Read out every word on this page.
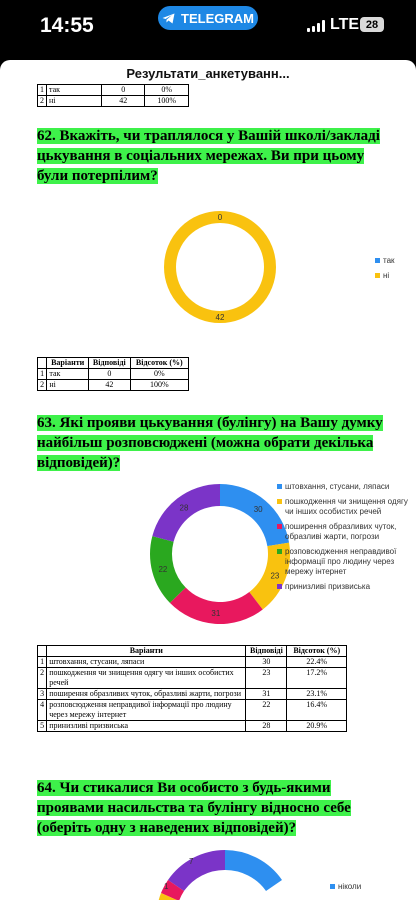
14:55	TELEGRAM	LTE 28
1	так	0	0%
2	ні	42	100%
62. Вкажіть, чи траплялося у Вашій школі/закладі цькування в соціальних мережах. Ви при цьому були потерпілим?
0
42
так
ні
	Варіанти	Відповіді	Відсоток (%)
1	так	0	0%
2	ні	42	100%
63. Які прояви цькування (булінгу) на Вашу думку найбільш розповсюджені (можна обрати декілька відповідей)?
30
23
31
22
28
штовхання, стусани, ляпаси
пошкодження чи знищення одягу чи інших особистих речей
поширення образливих чуток, образливі жарти, погрози
розповсюдження неправдивої інформації про людину через мережу інтернет
принизливі призвиська
	Варіанти	Відповіді	Відсоток (%)
1	штовхання, стусани, ляпаси	30	22.4%
2	пошкодження чи знищення одягу чи інших особистих речей	23	17.2%
3	поширення образливих чуток, образливі жарти, погрози	31	23.1%
4	розповсюдження неправдивої інформації про людину через мережу інтернет	22	16.4%
5	принизливі призвиська	28	20.9%
64. Чи стикалися Ви особисто з будь-якими проявами насильства та булінгу відносно себе (оберіть одну з наведених відповідей)?
7
1	ніколи
Результати_анкетуванн...
